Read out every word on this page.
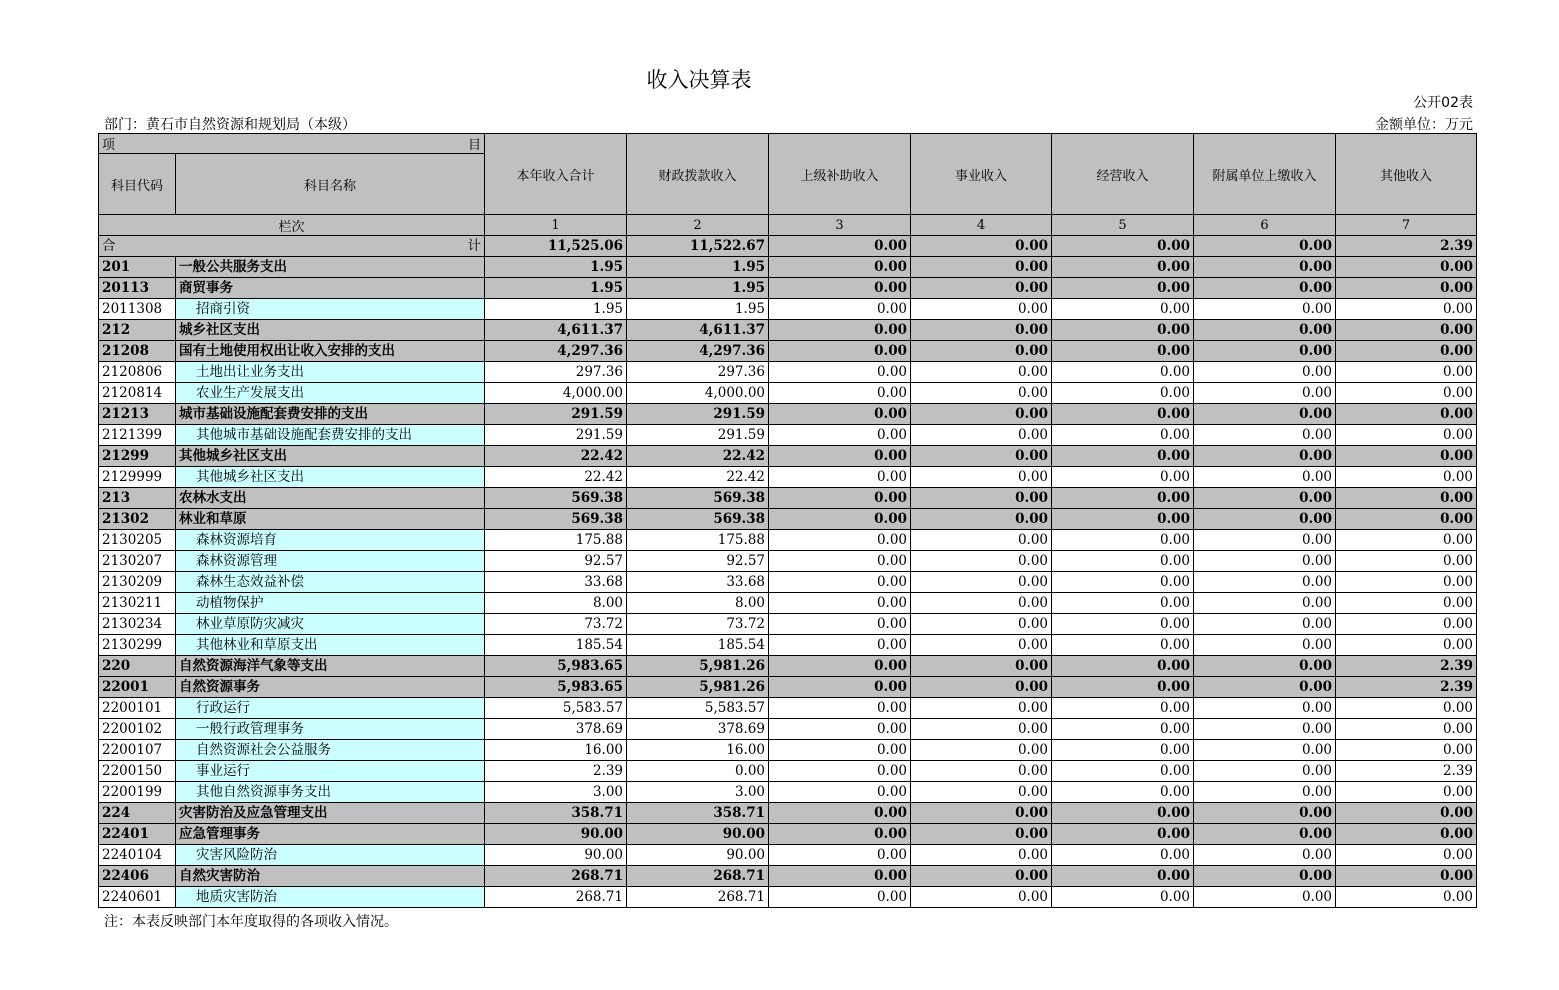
收入决算表
公开02表
部门：黄石市自然资源和规划局（本级）	金额单位：万元
项 目		本年收入合计	财政拨款收入	上级补助收入	事业收入	经营收入	附属单位上缴收入	其他收入
科目代码	科目名称							
栏次		1	2	3	4	5	6	7

合 计		11,525.06	11,522.67	0.00	0.00	0.00	0.00	2.39
201	一般公共服务支出	1.95	1.95	0.00	0.00	0.00	0.00	0.00
20113	商贸事务	1.95	1.95	0.00	0.00	0.00	0.00	0.00
2011308	招商引资	1.95	1.95	0.00	0.00	0.00	0.00	0.00
212	城乡社区支出	4,611.37	4,611.37	0.00	0.00	0.00	0.00	0.00
21208	国有土地使用权出让收入安排的支出	4,297.36	4,297.36	0.00	0.00	0.00	0.00	0.00
2120806	土地出让业务支出	297.36	297.36	0.00	0.00	0.00	0.00	0.00
2120814	农业生产发展支出	4,000.00	4,000.00	0.00	0.00	0.00	0.00	0.00
21213	城市基础设施配套费安排的支出	291.59	291.59	0.00	0.00	0.00	0.00	0.00
2121399	其他城市基础设施配套费安排的支出	291.59	291.59	0.00	0.00	0.00	0.00	0.00
21299	其他城乡社区支出	22.42	22.42	0.00	0.00	0.00	0.00	0.00
2129999	其他城乡社区支出	22.42	22.42	0.00	0.00	0.00	0.00	0.00
213	农林水支出	569.38	569.38	0.00	0.00	0.00	0.00	0.00
21302	林业和草原	569.38	569.38	0.00	0.00	0.00	0.00	0.00
2130205	森林资源培育	175.88	175.88	0.00	0.00	0.00	0.00	0.00
2130207	森林资源管理	92.57	92.57	0.00	0.00	0.00	0.00	0.00
2130209	森林生态效益补偿	33.68	33.68	0.00	0.00	0.00	0.00	0.00
2130211	动植物保护	8.00	8.00	0.00	0.00	0.00	0.00	0.00
2130234	林业草原防灾减灾	73.72	73.72	0.00	0.00	0.00	0.00	0.00
2130299	其他林业和草原支出	185.54	185.54	0.00	0.00	0.00	0.00	0.00
220	自然资源海洋气象等支出	5,983.65	5,981.26	0.00	0.00	0.00	0.00	2.39
22001	自然资源事务	5,983.65	5,981.26	0.00	0.00	0.00	0.00	2.39
2200101	行政运行	5,583.57	5,583.57	0.00	0.00	0.00	0.00	0.00
2200102	一般行政管理事务	378.69	378.69	0.00	0.00	0.00	0.00	0.00
2200107	自然资源社会公益服务	16.00	16.00	0.00	0.00	0.00	0.00	0.00
2200150	事业运行	2.39	0.00	0.00	0.00	0.00	0.00	2.39
2200199	其他自然资源事务支出	3.00	3.00	0.00	0.00	0.00	0.00	0.00
224	灾害防治及应急管理支出	358.71	358.71	0.00	0.00	0.00	0.00	0.00
22401	应急管理事务	90.00	90.00	0.00	0.00	0.00	0.00	0.00
2240104	灾害风险防治	90.00	90.00	0.00	0.00	0.00	0.00	0.00
22406	自然灾害防治	268.71	268.71	0.00	0.00	0.00	0.00	0.00
2240601	地质灾害防治	268.71	268.71	0.00	0.00	0.00	0.00	0.00
注：本表反映部门本年度取得的各项收入情况。
